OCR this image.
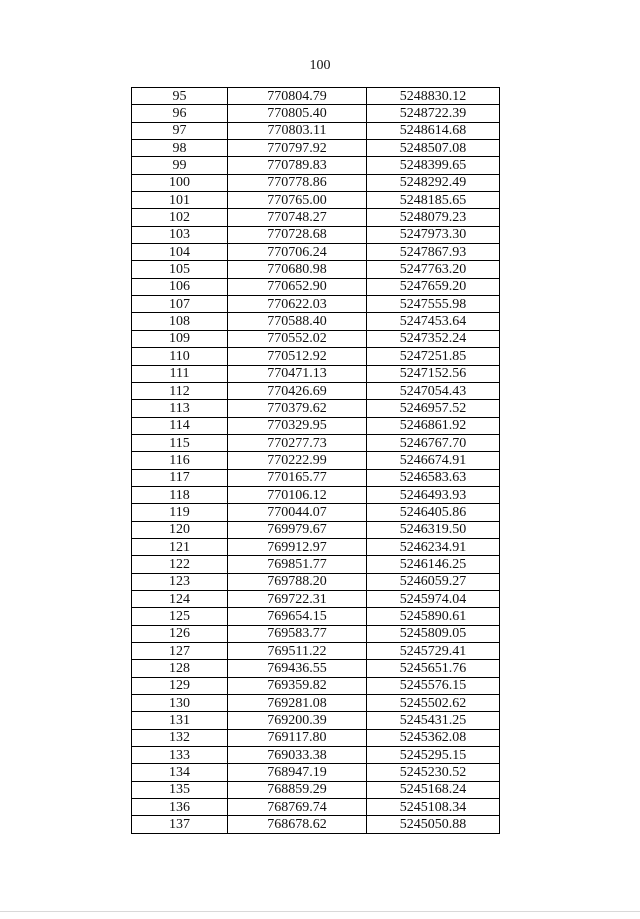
100
95	770804.79	5248830.12
96	770805.40	5248722.39
97	770803.11	5248614.68
98	770797.92	5248507.08
99	770789.83	5248399.65
100	770778.86	5248292.49
101	770765.00	5248185.65
102	770748.27	5248079.23
103	770728.68	5247973.30
104	770706.24	5247867.93
105	770680.98	5247763.20
106	770652.90	5247659.20
107	770622.03	5247555.98
108	770588.40	5247453.64
109	770552.02	5247352.24
110	770512.92	5247251.85
111	770471.13	5247152.56
112	770426.69	5247054.43
113	770379.62	5246957.52
114	770329.95	5246861.92
115	770277.73	5246767.70
116	770222.99	5246674.91
117	770165.77	5246583.63
118	770106.12	5246493.93
119	770044.07	5246405.86
120	769979.67	5246319.50
121	769912.97	5246234.91
122	769851.77	5246146.25
123	769788.20	5246059.27
124	769722.31	5245974.04
125	769654.15	5245890.61
126	769583.77	5245809.05
127	769511.22	5245729.41
128	769436.55	5245651.76
129	769359.82	5245576.15
130	769281.08	5245502.62
131	769200.39	5245431.25
132	769117.80	5245362.08
133	769033.38	5245295.15
134	768947.19	5245230.52
135	768859.29	5245168.24
136	768769.74	5245108.34
137	768678.62	5245050.88
